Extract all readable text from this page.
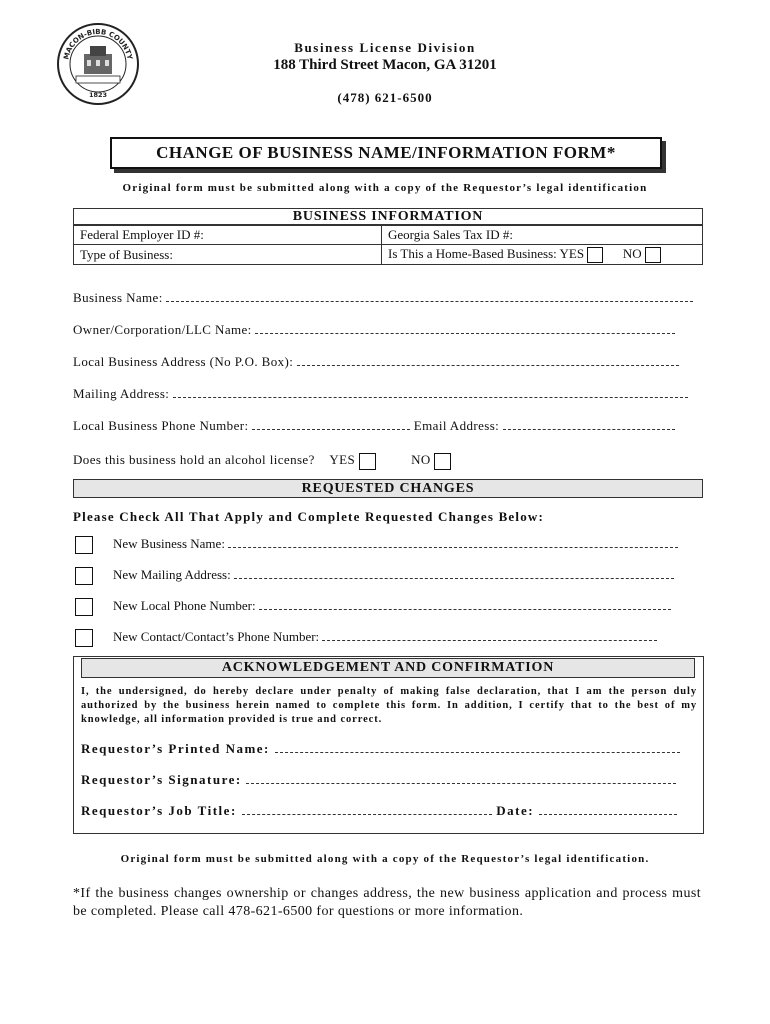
MACON-BIBB COUNTY
1823
Business License Division
188 Third Street Macon, GA 31201
(478) 621-6500
CHANGE OF BUSINESS NAME/INFORMATION FORM*
Original form must be submitted along with a copy of the Requestor’s legal identification
BUSINESS INFORMATION
Federal Employer ID #:	Georgia Sales Tax ID #:
Type of Business:	Is This a Home-Based Business: YES NO
Business Name:
Owner/Corporation/LLC Name:
Local Business Address (No P.O. Box):
Mailing Address:
Local Business Phone Number:	Email Address:
Does this business hold an alcohol license? YES	NO
REQUESTED CHANGES
Please Check All That Apply and Complete Requested Changes Below:
New Business Name:
New Mailing Address:
New Local Phone Number:
New Contact/Contact’s Phone Number:
ACKNOWLEDGEMENT AND CONFIRMATION
I, the undersigned, do hereby declare under penalty of making false declaration, that I am the person duly authorized by the business herein named to complete this form. In addition, I certify that to the best of my knowledge, all information provided is true and correct.
Requestor’s Printed Name:
Requestor’s Signature:
Requestor’s Job Title:	Date:
Original form must be submitted along with a copy of the Requestor’s legal identification.
*If the business changes ownership or changes address, the new business application and process must be completed. Please call 478-621-6500 for questions or more information.
